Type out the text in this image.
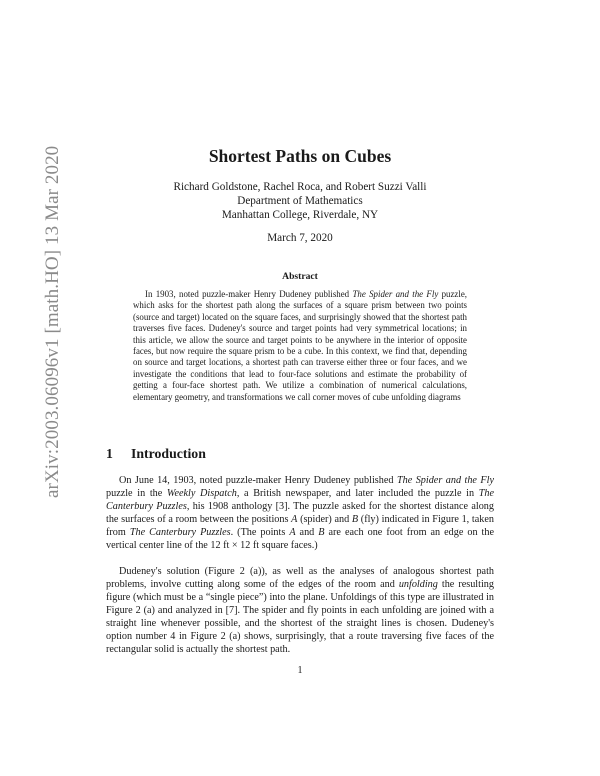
arXiv:2003.06096v1 [math.HO] 13 Mar 2020	Shortest Paths on Cubes
Richard Goldstone, Rachel Roca, and Robert Suzzi Valli
Department of Mathematics
Manhattan College, Riverdale, NY
March 7, 2020
Abstract

In 1903, noted puzzle-maker Henry Dudeney published The Spider and the Fly puzzle, which asks for the shortest path along the surfaces of a square prism between two points (source and target) located on the square faces, and surprisingly showed that the shortest path traverses five faces. Dudeney's source and target points had very symmetrical locations; in this article, we allow the source and target points to be anywhere in the interior of opposite faces, but now require the square prism to be a cube. In this context, we find that, depending on source and target locations, a shortest path can traverse either three or four faces, and we investigate the conditions that lead to four-face solutions and estimate the probability of getting a four-face shortest path. We utilize a combination of numerical calculations, elementary geometry, and transformations we call corner moves of cube unfolding diagrams

1 Introduction

On June 14, 1903, noted puzzle-maker Henry Dudeney published The Spider and the Fly puzzle in the Weekly Dispatch, a British newspaper, and later included the puzzle in The Canterbury Puzzles, his 1908 anthology [3]. The puzzle asked for the shortest distance along the surfaces of a room between the positions A (spider) and B (fly) indicated in Figure 1, taken from The Canterbury Puzzles. (The points A and B are each one foot from an edge on the vertical center line of the 12 ft × 12 ft square faces.)

Dudeney's solution (Figure 2 (a)), as well as the analyses of analogous shortest path problems, involve cutting along some of the edges of the room and unfolding the resulting figure (which must be a “single piece”) into the plane. Unfoldings of this type are illustrated in Figure 2 (a) and analyzed in [7]. The spider and fly points in each unfolding are joined with a straight line whenever possible, and the shortest of the straight lines is chosen. Dudeney's option number 4 in Figure 2 (a) shows, surprisingly, that a route traversing five faces of the rectangular solid is actually the shortest path.

1
